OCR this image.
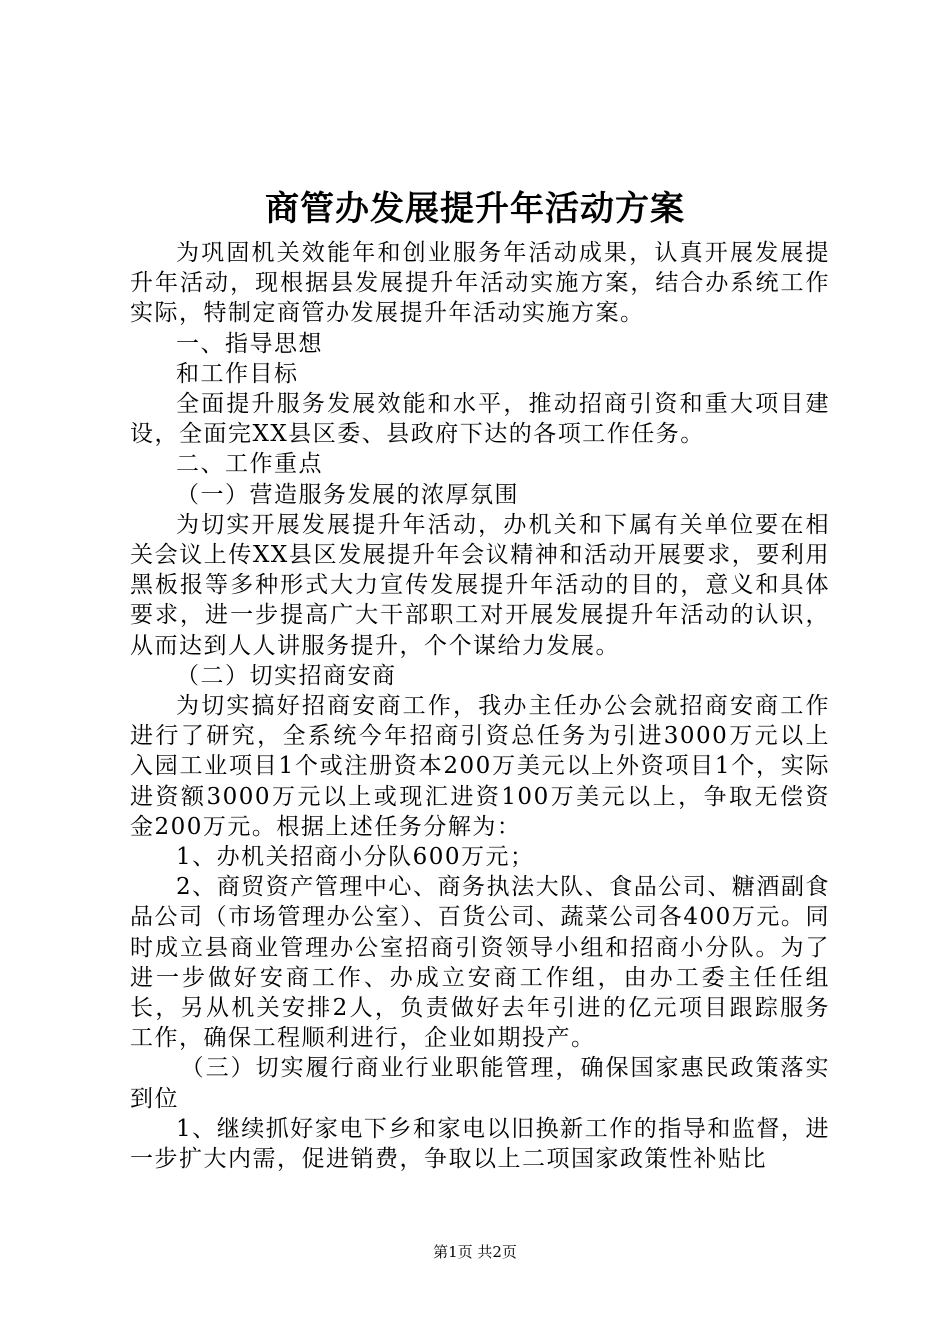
商管办发展提升年活动方案

为巩固机关效能年和创业服务年活动成果，认真开展发展提升年活动，现根据县发展提升年活动实施方案，结合办系统工作实际，特制定商管办发展提升年活动实施方案。

一、指导思想

和工作目标

全面提升服务发展效能和水平，推动招商引资和重大项目建设，全面完XX县区委、县政府下达的各项工作任务。

二、工作重点

（一）营造服务发展的浓厚氛围

为切实开展发展提升年活动，办机关和下属有关单位要在相关会议上传XX县区发展提升年会议精神和活动开展要求，要利用黑板报等多种形式大力宣传发展提升年活动的目的，意义和具体要求，进一步提高广大干部职工对开展发展提升年活动的认识，从而达到人人讲服务提升，个个谋给力发展。

（二）切实招商安商

为切实搞好招商安商工作，我办主任办公会就招商安商工作进行了研究，全系统今年招商引资总任务为引进3000万元以上入园工业项目1个或注册资本200万美元以上外资项目1个，实际进资额3000万元以上或现汇进资100万美元以上，争取无偿资金200万元。根据上述任务分解为：

1、办机关招商小分队600万元；

2、商贸资产管理中心、商务执法大队、食品公司、糖酒副食品公司（市场管理办公室）、百货公司、蔬菜公司各400万元。同时成立县商业管理办公室招商引资领导小组和招商小分队。为了进一步做好安商工作、办成立安商工作组，由办工委主任任组长，另从机关安排2人，负责做好去年引进的亿元项目跟踪服务工作，确保工程顺利进行，企业如期投产。

（三）切实履行商业行业职能管理，确保国家惠民政策落实到位

1、继续抓好家电下乡和家电以旧换新工作的指导和监督，进一步扩大内需，促进销费，争取以上二项国家政策性补贴比

第1页 共2页
